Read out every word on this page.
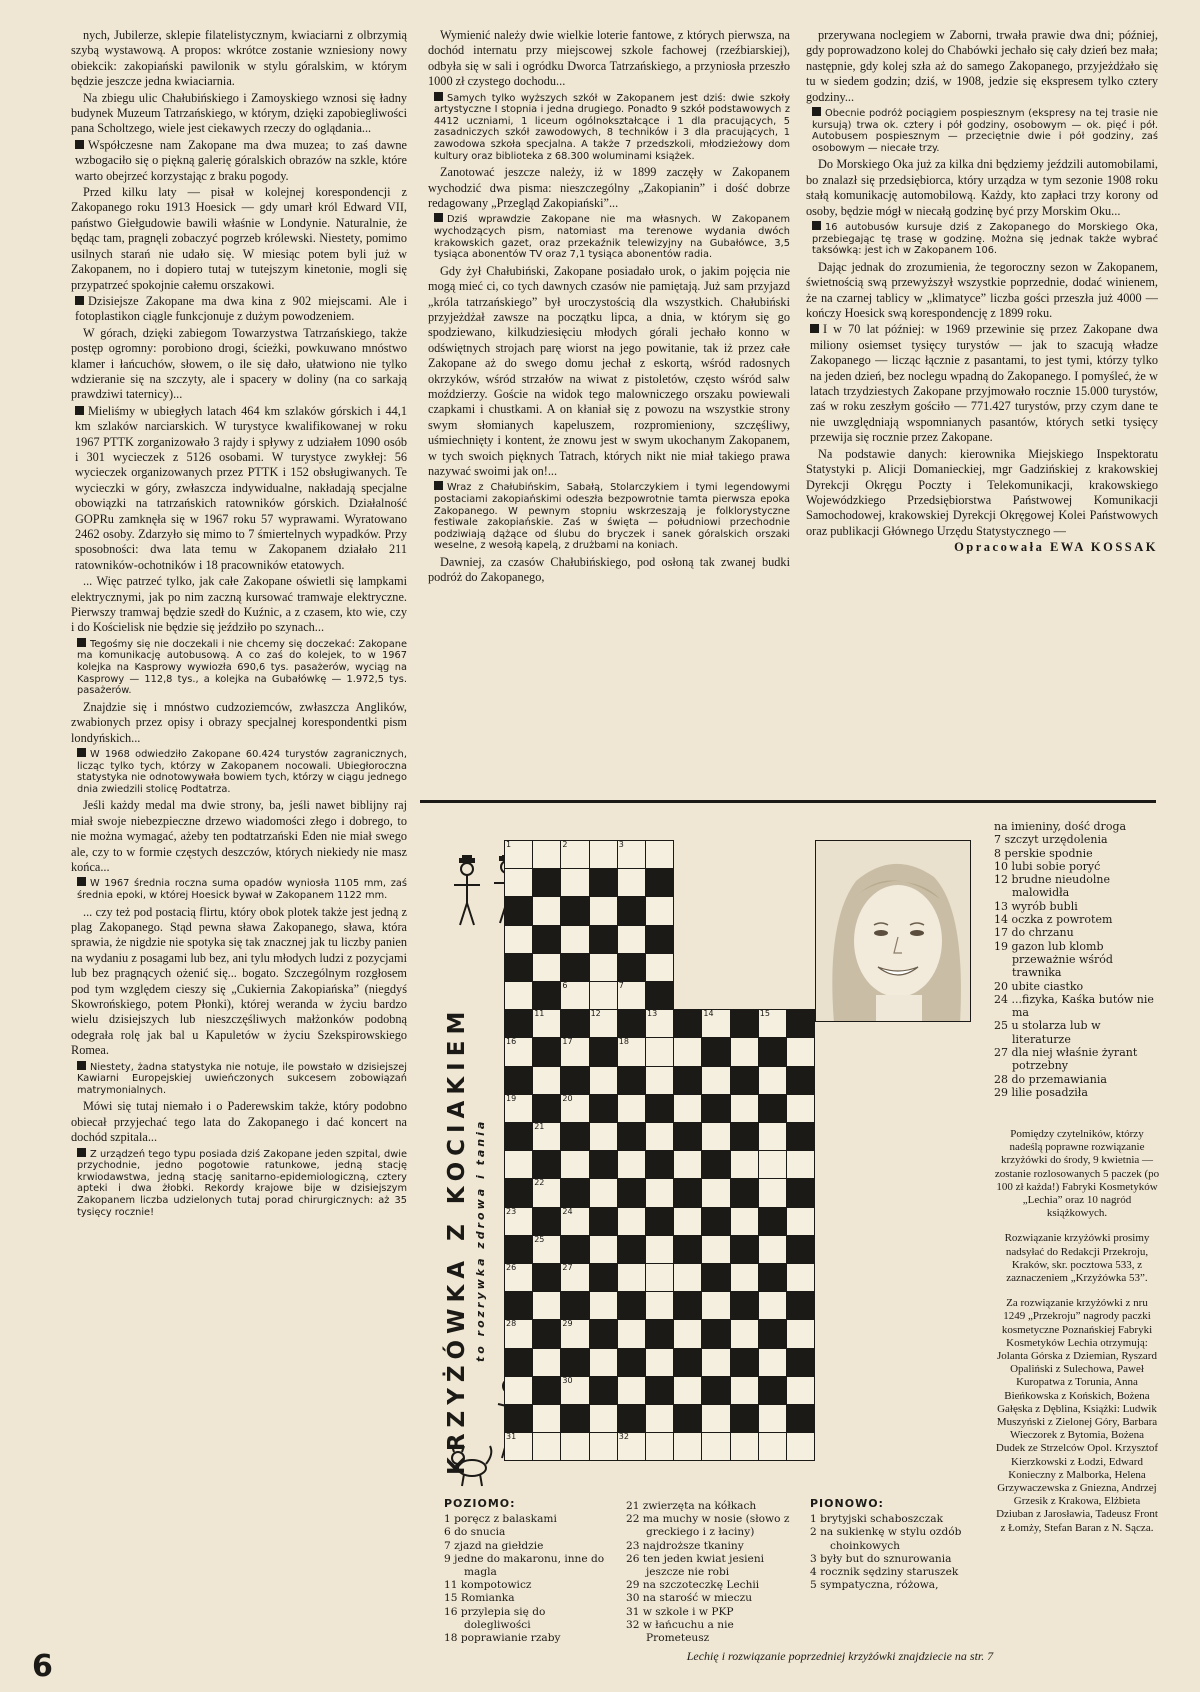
nych, Jubilerze, sklepie filatelistycznym, kwiaciarni z olbrzymią szybą wystawową. A propos: wkrótce zostanie wzniesiony nowy obiekcik: zakopiański pawilonik w stylu góralskim, w którym będzie jeszcze jedna kwiaciarnia.

Na zbiegu ulic Chałubińskiego i Zamoyskiego wznosi się ładny budynek Muzeum Tatrzańskiego, w którym, dzięki zapobiegliwości pana Scholtzego, wiele jest ciekawych rzeczy do oglądania...

Współczesne nam Zakopane ma dwa muzea; to zaś dawne wzbogaciło się o piękną galerię góralskich obrazów na szkle, które warto obejrzeć korzystając z braku pogody.

Przed kilku laty — pisał w kolejnej korespondencji z Zakopanego roku 1913 Hoesick — gdy umarł król Edward VII, państwo Giełgudowie bawili właśnie w Londynie. Naturalnie, że będąc tam, pragnęli zobaczyć pogrzeb królewski. Niestety, pomimo usilnych starań nie udało się. W miesiąc potem byli już w Zakopanem, no i dopiero tutaj w tutejszym kinetonie, mogli się przypatrzeć spokojnie całemu orszakowi.

Dzisiejsze Zakopane ma dwa kina z 902 miejscami. Ale i fotoplastikon ciągle funkcjonuje z dużym powodzeniem.

W górach, dzięki zabiegom Towarzystwa Tatrzańskiego, także postęp ogromny: porobiono drogi, ścieżki, powkuwano mnóstwo klamer i łańcuchów, słowem, o ile się dało, ułatwiono nie tylko wdzieranie się na szczyty, ale i spacery w doliny (na co sarkają prawdziwi taternicy)...

Mieliśmy w ubiegłych latach 464 km szlaków górskich i 44,1 km szlaków narciarskich. W turystyce kwalifikowanej w roku 1967 PTTK zorganizowało 3 rajdy i spływy z udziałem 1090 osób i 301 wycieczek z 5126 osobami. W turystyce zwykłej: 56 wycieczek organizowanych przez PTTK i 152 obsługiwanych. Te wycieczki w góry, zwłaszcza indywidualne, nakładają specjalne obowiązki na tatrzańskich ratowników górskich. Działalność GOPRu zamknęła się w 1967 roku 57 wyprawami. Wyratowano 2462 osoby. Zdarzyło się mimo to 7 śmiertelnych wypadków. Przy sposobności: dwa lata temu w Zakopanem działało 211 ratowników-ochotników i 18 pracowników etatowych.

... Więc patrzeć tylko, jak całe Zakopane oświetli się lampkami elektrycznymi, jak po nim zaczną kursować tramwaje elektryczne. Pierwszy tramwaj będzie szedł do Kuźnic, a z czasem, kto wie, czy i do Kościelisk nie będzie się jeździło po szynach...

Tegośmy się nie doczekali i nie chcemy się doczekać: Zakopane ma komunikację autobusową. A co zaś do kolejek, to w 1967 kolejka na Kasprowy wywiozła 690,6 tys. pasażerów, wyciąg na Kasprowy — 112,8 tys., a kolejka na Gubałówkę — 1.972,5 tys. pasażerów.

Znajdzie się i mnóstwo cudzoziemców, zwłaszcza Anglików, zwabionych przez opisy i obrazy specjalnej korespondentki pism londyńskich...

W 1968 odwiedziło Zakopane 60.424 turystów zagranicznych, licząc tylko tych, którzy w Zakopanem nocowali. Ubiegłoroczna statystyka nie odnotowywała bowiem tych, którzy w ciągu jednego dnia zwiedzili stolicę Podtatrza.

Jeśli każdy medal ma dwie strony, ba, jeśli nawet biblijny raj miał swoje niebezpieczne drzewo wiadomości złego i dobrego, to nie można wymagać, ażeby ten podtatrzański Eden nie miał swego ale, czy to w formie częstych deszczów, których niekiedy nie masz końca...

W 1967 średnia roczna suma opadów wyniosła 1105 mm, zaś średnia epoki, w której Hoesick bywał w Zakopanem 1122 mm.

... czy też pod postacią flirtu, który obok plotek także jest jedną z plag Zakopanego. Stąd pewna sława Zakopanego, sława, która sprawia, że nigdzie nie spotyka się tak znacznej jak tu liczby panien na wydaniu z posagami lub bez, ani tylu młodych ludzi z pozycjami lub bez pragnących ożenić się... bogato. Szczególnym rozgłosem pod tym względem cieszy się „Cukiernia Zakopiańska” (niegdyś Skowrońskiego, potem Płonki), której weranda w życiu bardzo wielu dzisiejszych lub nieszczęśliwych małżonków podobną odegrała rolę jak bal u Kapuletów w życiu Szekspirowskiego Romea.

Niestety, żadna statystyka nie notuje, ile powstało w dzisiejszej Kawiarni Europejskiej uwieńczonych sukcesem zobowiązań matrymonialnych.

Mówi się tutaj niemało i o Paderewskim także, który podobno obiecał przyjechać tego lata do Zakopanego i dać koncert na dochód szpitala...

Z urządzeń tego typu posiada dziś Zakopane jeden szpital, dwie przychodnie, jedno pogotowie ratunkowe, jedną stację krwiodawstwa, jedną stację sanitarno-epidemiologiczną, cztery apteki i dwa żłobki. Rekordy krajowe bije w dzisiejszym Zakopanem liczba udzielonych tutaj porad chirurgicznych: aż 35 tysięcy rocznie!

Wymienić należy dwie wielkie loterie fantowe, z których pierwsza, na dochód internatu przy miejscowej szkole fachowej (rzeźbiarskiej), odbyła się w sali i ogródku Dworca Tatrzańskiego, a przyniosła przeszło 1000 zł czystego dochodu...

Samych tylko wyższych szkół w Zakopanem jest dziś: dwie szkoły artystyczne I stopnia i jedna drugiego. Ponadto 9 szkół podstawowych z 4412 uczniami, 1 liceum ogólnokształcące i 1 dla pracujących, 5 zasadniczych szkół zawodowych, 8 techników i 3 dla pracujących, 1 zawodowa szkoła specjalna. A także 7 przedszkoli, młodzieżowy dom kultury oraz biblioteka z 68.300 woluminami książek.

Zanotować jeszcze należy, iż w 1899 zaczęły w Zakopanem wychodzić dwa pisma: nieszczególny „Zakopianin” i dość dobrze redagowany „Przegląd Zakopiański”...

Dziś wprawdzie Zakopane nie ma własnych. W Zakopanem wychodzących pism, natomiast ma terenowe wydania dwóch krakowskich gazet, oraz przekaźnik telewizyjny na Gubałówce, 3,5 tysiąca abonentów TV oraz 7,1 tysiąca abonentów radia.

Gdy żył Chałubiński, Zakopane posiadało urok, o jakim pojęcia nie mogą mieć ci, co tych dawnych czasów nie pamiętają. Już sam przyjazd „króla tatrzańskiego” był uroczystością dla wszystkich. Chałubiński przyjeżdżał zawsze na początku lipca, a dnia, w którym się go spodziewano, kilkudziesięciu młodych górali jechało konno w odświętnych strojach parę wiorst na jego powitanie, tak iż przez całe Zakopane aż do swego domu jechał z eskortą, wśród radosnych okrzyków, wśród strzałów na wiwat z pistoletów, często wśród salw moździerzy. Goście na widok tego malowniczego orszaku powiewali czapkami i chustkami. A on kłaniał się z powozu na wszystkie strony swym słomianych kapeluszem, rozpromieniony, szczęśliwy, uśmiechnięty i kontent, że znowu jest w swym ukochanym Zakopanem, w tych swoich pięknych Tatrach, których nikt nie miał takiego prawa nazywać swoimi jak on!...

Wraz z Chałubińskim, Sabałą, Stolarczykiem i tymi legendowymi postaciami zakopiańskimi odeszła bezpowrotnie tamta pierwsza epoka Zakopanego. W pewnym stopniu wskrzeszają je folklorystyczne festiwale zakopiańskie. Zaś w święta — południowi przechodnie podziwiają dążące od ślubu do bryczek i sanek góralskich orszaki weselne, z wesołą kapelą, z drużbami na koniach.

Dawniej, za czasów Chałubińskiego, pod osłoną tak zwanej budki podróż do Zakopanego,

przerywana noclegiem w Zaborni, trwała prawie dwa dni; później, gdy poprowadzono kolej do Chabówki jechało się cały dzień bez mała; następnie, gdy kolej szła aż do samego Zakopanego, przyjeżdżało się tu w siedem godzin; dziś, w 1908, jedzie się ekspresem tylko cztery godziny...

Obecnie podróż pociągiem pospiesznym (ekspresy na tej trasie nie kursują) trwa ok. cztery i pół godziny, osobowym — ok. pięć i pół. Autobusem pospiesznym — przeciętnie dwie i pół godziny, zaś osobowym — niecałe trzy.

Do Morskiego Oka już za kilka dni będziemy jeździli automobilami, bo znalazł się przedsiębiorca, który urządza w tym sezonie 1908 roku stałą komunikację automobilową. Każdy, kto zapłaci trzy korony od osoby, będzie mógł w niecałą godzinę być przy Morskim Oku...

16 autobusów kursuje dziś z Zakopanego do Morskiego Oka, przebiegając tę trasę w godzinę. Można się jednak także wybrać taksówką: jest ich w Zakopanem 106.

Dając jednak do zrozumienia, że tegoroczny sezon w Zakopanem, świetnością swą przewyższył wszystkie poprzednie, dodać winienem, że na czarnej tablicy w „klimatyce” liczba gości przeszła już 4000 — kończy Hoesick swą korespondencję z 1899 roku.

I w 70 lat później: w 1969 przewinie się przez Zakopane dwa miliony osiemset tysięcy turystów — jak to szacują władze Zakopanego — licząc łącznie z pasantami, to jest tymi, którzy tylko na jeden dzień, bez noclegu wpadną do Zakopanego. I pomyśleć, że w latach trzydziestych Zakopane przyjmowało rocznie 15.000 turystów, zaś w roku zeszłym gościło — 771.427 turystów, przy czym dane te nie uwzględniają wspomnianych pasantów, których setki tysięcy przewija się rocznie przez Zakopane.

Na podstawie danych: kierownika Miejskiego Inspektoratu Statystyki p. Alicji Domanieckiej, mgr Gadzińskiej z krakowskiej Dyrekcji Okręgu Poczty i Telekomunikacji, krakowskiego Wojewódzkiego Przedsiębiorstwa Państwowej Komunikacji Samochodowej, krakowskiej Dyrekcji Okręgowej Kolei Państwowych oraz publikacji Głównego Urzędu Statystycznego —

Opracowała EWA KOSSAK

KRZYŻÓWKA Z KOCIAKIEM to rozrywka zdrowa i tania
1	2	3
6	7
11	12	13	14	15
16	17	18
19	20
21
22
23	24
25
26	27
28	29
30
31	32
na imieniny, dość droga
7 szczyt urzędolenia
8 perskie spodnie
10 lubi sobie poryć
12 brudne nieudolne malowidła
13 wyrób bubli
14 oczka z powrotem
17 do chrzanu
19 gazon lub klomb przeważnie wśród trawnika
20 ubite ciastko
24 ...fizyka, Kaśka butów nie ma
25 u stolarza lub w literaturze
27 dla niej właśnie żyrant potrzebny
28 do przemawiania
29 lilie posadziła

Pomiędzy czytelników, którzy nadeślą poprawne rozwiązanie krzyżówki do środy, 9 kwietnia — zostanie rozlosowanych 5 paczek (po 100 zł każda!) Fabryki Kosmetyków „Lechia” oraz 10 nagród książkowych.

Rozwiązanie krzyżówki prosimy nadsyłać do Redakcji Przekroju, Kraków, skr. pocztowa 533, z zaznaczeniem „Krzyżówka 53”.

Za rozwiązanie krzyżówki z nru 1249 „Przekroju” nagrody paczki kosmetyczne Poznańskiej Fabryki Kosmetyków Lechia otrzymują: Jolanta Górska z Dziemian, Ryszard Opaliński z Sulechowa, Paweł Kuropatwa z Torunia, Anna Bieńkowska z Końskich, Bożena Gałęska z Dęblina, Książki: Ludwik Muszyński z Zielonej Góry, Barbara Wieczorek z Bytomia, Bożena Dudek ze Strzelców Opol. Krzysztof Kierzkowski z Łodzi, Edward Konieczny z Malborka, Helena Grzywaczewska z Gniezna, Andrzej Grzesik z Krakowa, Elżbieta Dziuban z Jarosławia, Tadeusz Front z Łomży, Stefan Baran z N. Sącza.

POZIOMO:
1 poręcz z balaskami
6 do snucia
7 zjazd na giełdzie
9 jedne do makaronu, inne do magla
11 kompotowicz
15 Romianka
16 przylepia się do dolegliwości
18 poprawianie rzaby
21 zwierzęta na kółkach
22 ma muchy w nosie (słowo z greckiego i z łaciny)
23 najdroższe tkaniny
26 ten jeden kwiat jesieni jeszcze nie robi
29 na szczoteczkę Lechii
30 na starość w mieczu
31 w szkole i w PKP
32 w łańcuchu a nie Prometeusz
PIONOWO:
1 brytyjski schaboszczak
2 na sukienkę w stylu ozdób choinkowych
3 były but do sznurowania
4 rocznik sędziny staruszek
5 sympatyczna, różowa,
Lechię i rozwiązanie poprzedniej krzyżówki znajdziecie na str. 7
6
